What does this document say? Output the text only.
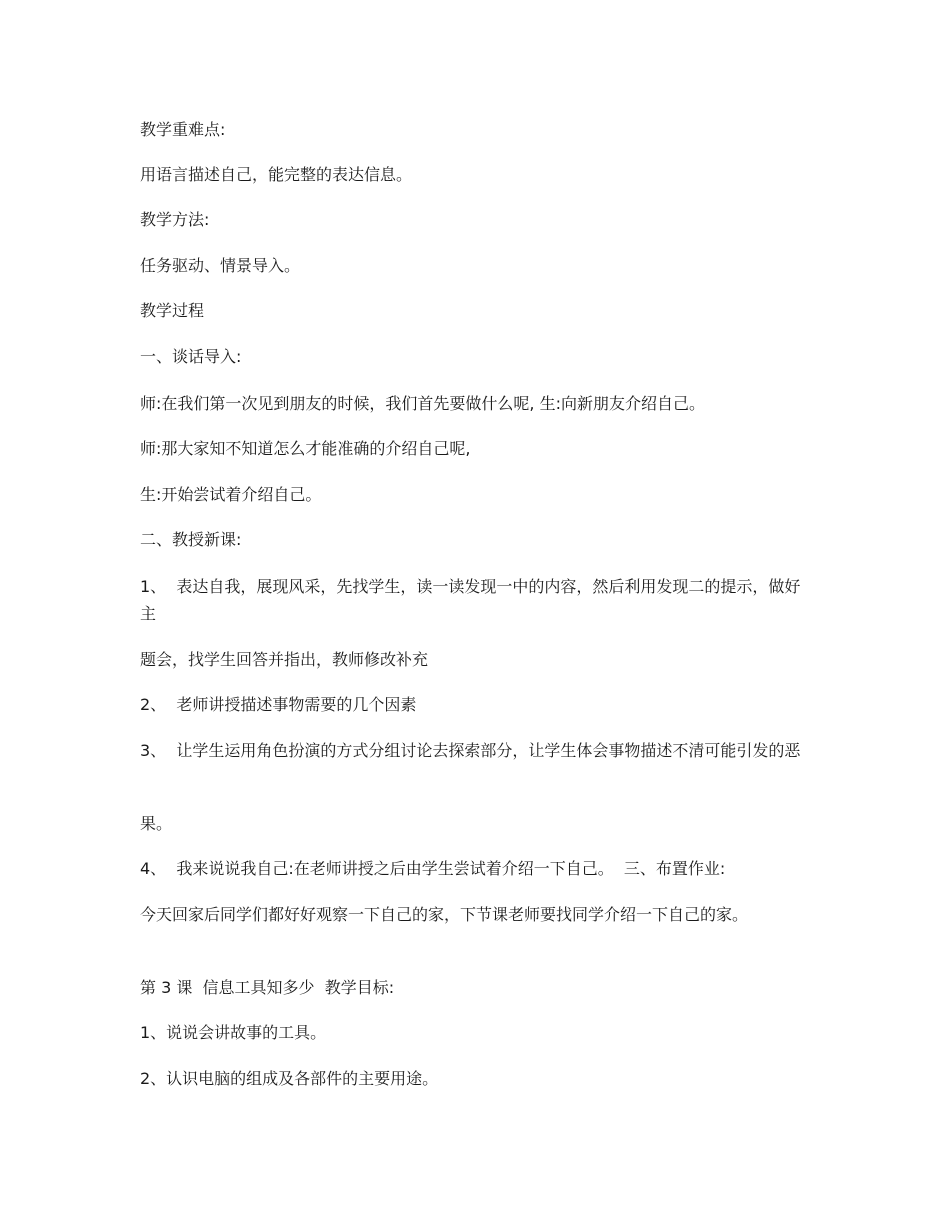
教学重难点:

用语言描述自己，能完整的表达信息。

教学方法:

任务驱动、情景导入。

教学过程

一、谈话导入:

师:在我们第一次见到朋友的时候，我们首先要做什么呢, 生:向新朋友介绍自己。

师:那大家知不知道怎么才能准确的介绍自己呢,

生:开始尝试着介绍自己。

二、教授新课:

1、  表达自我，展现风采，先找学生，读一读发现一中的内容，然后利用发现二的提示，做好主

题会，找学生回答并指出，教师修改补充

2、  老师讲授描述事物需要的几个因素

3、  让学生运用角色扮演的方式分组讨论去探索部分，让学生体会事物描述不清可能引发的恶

果。

4、  我来说说我自己:在老师讲授之后由学生尝试着介绍一下自己。  三、布置作业:

今天回家后同学们都好好观察一下自己的家，下节课老师要找同学介绍一下自己的家。

第 3 课  信息工具知多少  教学目标:

1、说说会讲故事的工具。

2、认识电脑的组成及各部件的主要用途。
